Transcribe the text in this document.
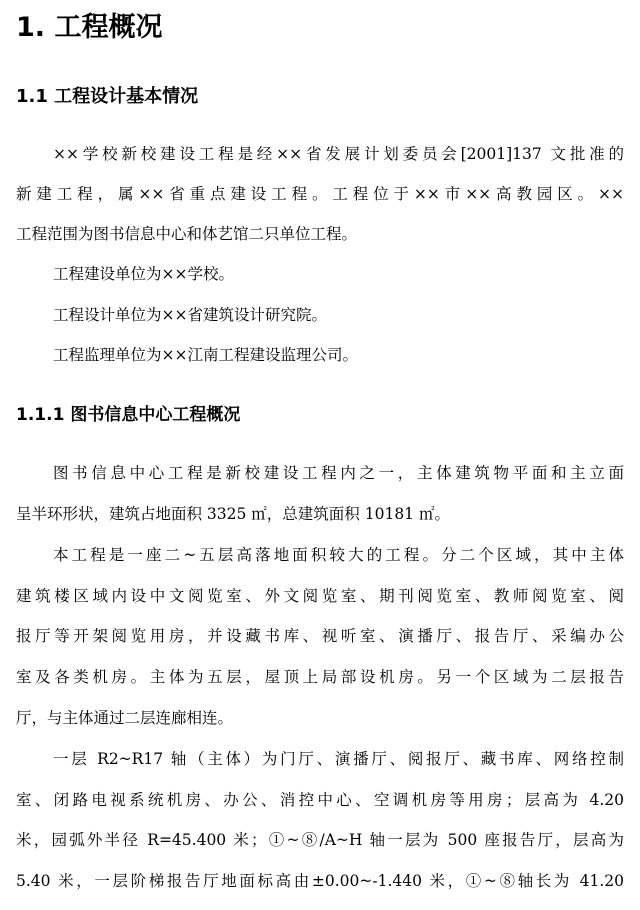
1. 工程概况
1.1 工程设计基本情况
××学校新校建设工程是经××省发展计划委员会[2001]137 文批准的
新建工程，属××省重点建设工程。工程位于××市××高教园区。××
工程范围为图书信息中心和体艺馆二只单位工程。
工程建设单位为××学校。
工程设计单位为××省建筑设计研究院。
工程监理单位为××江南工程建设监理公司。
1.1.1 图书信息中心工程概况
图书信息中心工程是新校建设工程内之一，主体建筑物平面和主立面
呈半环形状，建筑占地面积 3325 ㎡，总建筑面积 10181 ㎡。
本工程是一座二~五层高落地面积较大的工程。分二个区域，其中主体
建筑楼区域内设中文阅览室、外文阅览室、期刊阅览室、教师阅览室、阅
报厅等开架阅览用房，并设藏书库、视听室、演播厅、报告厅、采编办公
室及各类机房。主体为五层，屋顶上局部设机房。另一个区域为二层报告
厅，与主体通过二层连廊相连。
一层 R2~R17 轴（主体）为门厅、演播厅、阅报厅、藏书库、网络控制
室、闭路电视系统机房、办公、消控中心、空调机房等用房；层高为 4.20
米，园弧外半径 R=45.400 米；①~⑧/A~H 轴一层为 500 座报告厅，层高为
5.40 米，一层阶梯报告厅地面标高由±0.00~-1.440 米，①~⑧轴长为 41.20
